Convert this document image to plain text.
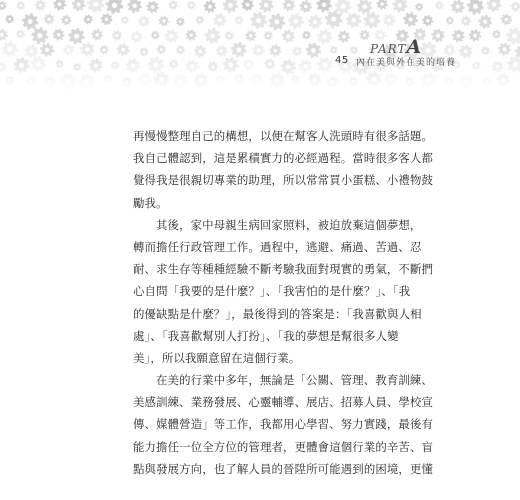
PARTA
45 內在美與外在美的培養
再慢慢整理自己的構想，以便在幫客人洗頭時有很多話題。
我自己體認到，這是累積實力的必經過程。當時很多客人都
覺得我是很親切專業的助理，所以常常買小蛋糕、小禮物鼓
勵我。
其後，家中母親生病回家照料，被迫放棄這個夢想，
轉而擔任行政管理工作。過程中，逃避、痛過、苦過、忍
耐、求生存等種種經驗不斷考驗我面對現實的勇氣，不斷捫
心自問「我要的是什麼？」、「我害怕的是什麼？」、「我
的優缺點是什麼？」，最後得到的答案是：「我喜歡與人相
處」、「我喜歡幫別人打扮」、「我的夢想是幫很多人變
美」，所以我願意留在這個行業。
在美的行業中多年，無論是「公關、管理、教育訓練、
美感訓練、業務發展、心靈輔導、展店、招募人員、學校宣
傳、媒體營造」等工作，我都用心學習、努力實踐，最後有
能力擔任一位全方位的管理者，更體會這個行業的辛苦、盲
點與發展方向，也了解人員的晉陞所可能遇到的困境，更懂
